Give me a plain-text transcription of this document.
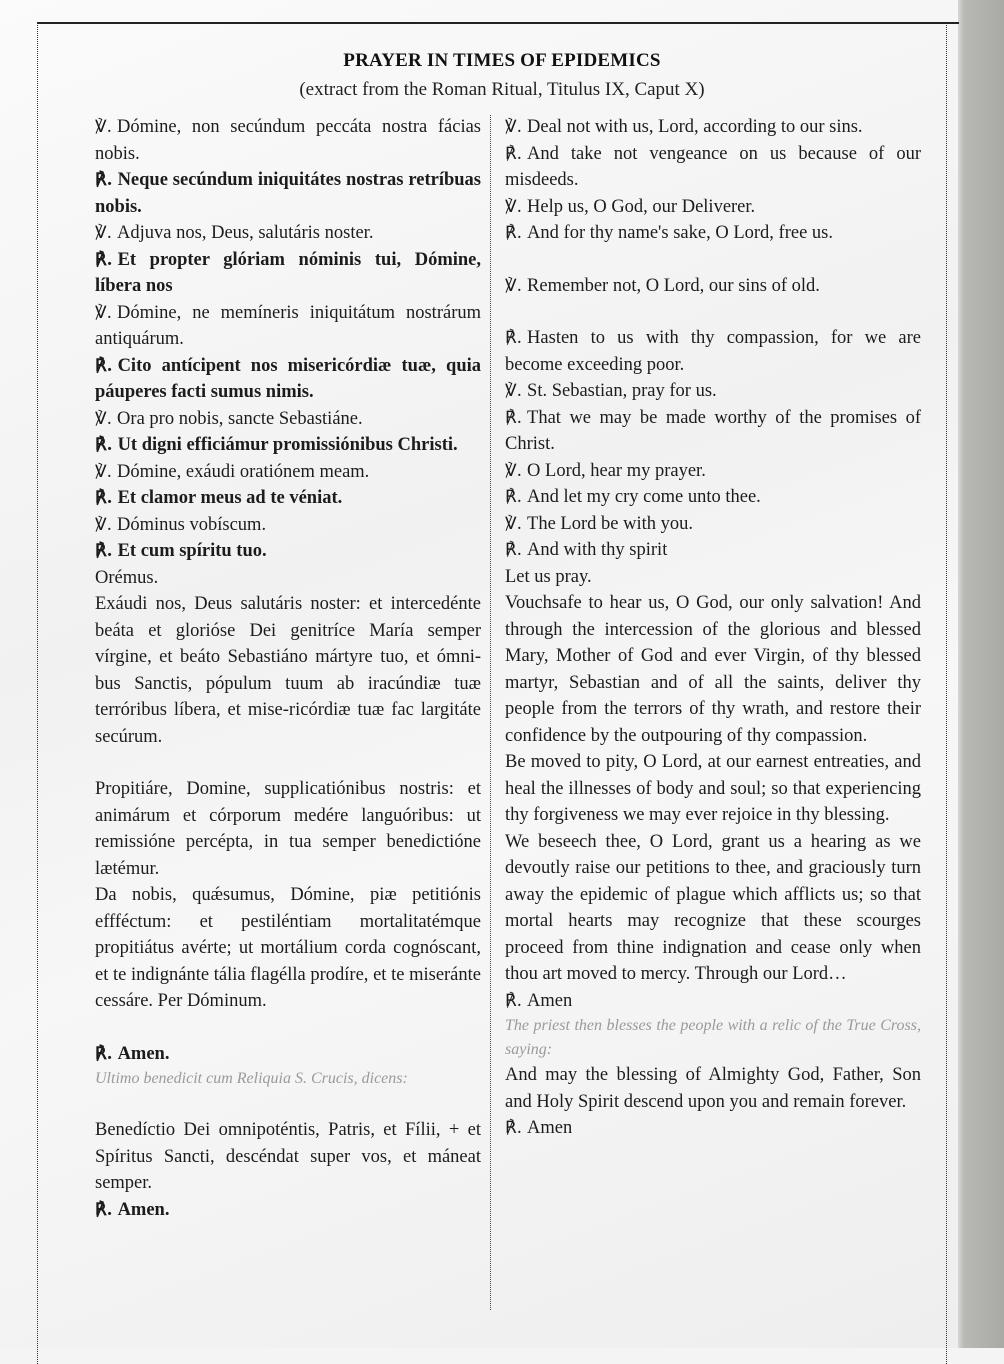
PRAYER IN TIMES OF EPIDEMICS
(extract from the Roman Ritual, Titulus IX, Caput X)

℣. Dómine, non secúndum peccáta nostra fácias nobis.

℟. Neque secúndum iniquitátes nostras retríbuas nobis.

℣. Adjuva nos, Deus, salutáris noster.

℟. Et propter glóriam nóminis tui, Dómine, líbera nos

℣. Dómine, ne memíneris iniquitátum nostrárum antiquárum.

℟. Cito antícipent nos misericórdiæ tuæ, quia páuperes facti sumus nimis.

℣. Ora pro nobis, sancte Sebastiáne.

℟. Ut digni efficiámur promissiónibus Christi.

℣. Dómine, exáudi oratiónem meam.

℟. Et clamor meus ad te véniat.

℣. Dóminus vobíscum.

℟. Et cum spíritu tuo.

Orémus.

Exáudi nos, Deus salutáris noster: et intercedénte beáta et glorióse Dei genitríce María semper vírgine, et beáto Sebastiáno mártyre tuo, et ómni-bus Sanctis, pópulum tuum ab iracúndiæ tuæ terróribus líbera, et mise-ricórdiæ tuæ fac largitáte secúrum.

Propitiáre, Domine, supplicatiónibus nostris: et animárum et córporum medére languóribus: ut remissióne percépta, in tua semper benedictióne lætémur.

Da nobis, quǽsumus, Dómine, piæ petitiónis effféctum: et pestiléntiam mortalitatémque propitiátus avérte; ut mortálium corda cognóscant, et te indignánte tália flagélla prodíre, et te miseránte cessáre. Per Dóminum.

℟. Amen.

Ultimo benedicit cum Reliquia S. Crucis, dicens:

Benedíctio Dei omnipoténtis, Patris, et Fílii, + et Spíritus Sancti, descéndat super vos, et máneat semper.

℟. Amen.

℣. Deal not with us, Lord, according to our sins.

℟. And take not vengeance on us because of our misdeeds.

℣. Help us, O God, our Deliverer.

℟. And for thy name's sake, O Lord, free us.

℣. Remember not, O Lord, our sins of old.

℟. Hasten to us with thy compassion, for we are become exceeding poor.

℣. St. Sebastian, pray for us.

℟. That we may be made worthy of the promises of Christ.

℣. O Lord, hear my prayer.

℟. And let my cry come unto thee.

℣. The Lord be with you.

℟. And with thy spirit

Let us pray.

Vouchsafe to hear us, O God, our only salvation! And through the intercession of the glorious and blessed Mary, Mother of God and ever Virgin, of thy blessed martyr, Sebastian and of all the saints, deliver thy people from the terrors of thy wrath, and restore their confidence by the outpouring of thy compassion.

Be moved to pity, O Lord, at our earnest entreaties, and heal the illnesses of body and soul; so that experiencing thy forgiveness we may ever rejoice in thy blessing.

We beseech thee, O Lord, grant us a hearing as we devoutly raise our petitions to thee, and graciously turn away the epidemic of plague which afflicts us; so that mortal hearts may recognize that these scourges proceed from thine indignation and cease only when thou art moved to mercy. Through our Lord…

℟. Amen

The priest then blesses the people with a relic of the True Cross, saying:

And may the blessing of Almighty God, Father, Son and Holy Spirit descend upon you and remain forever.

℟. Amen
